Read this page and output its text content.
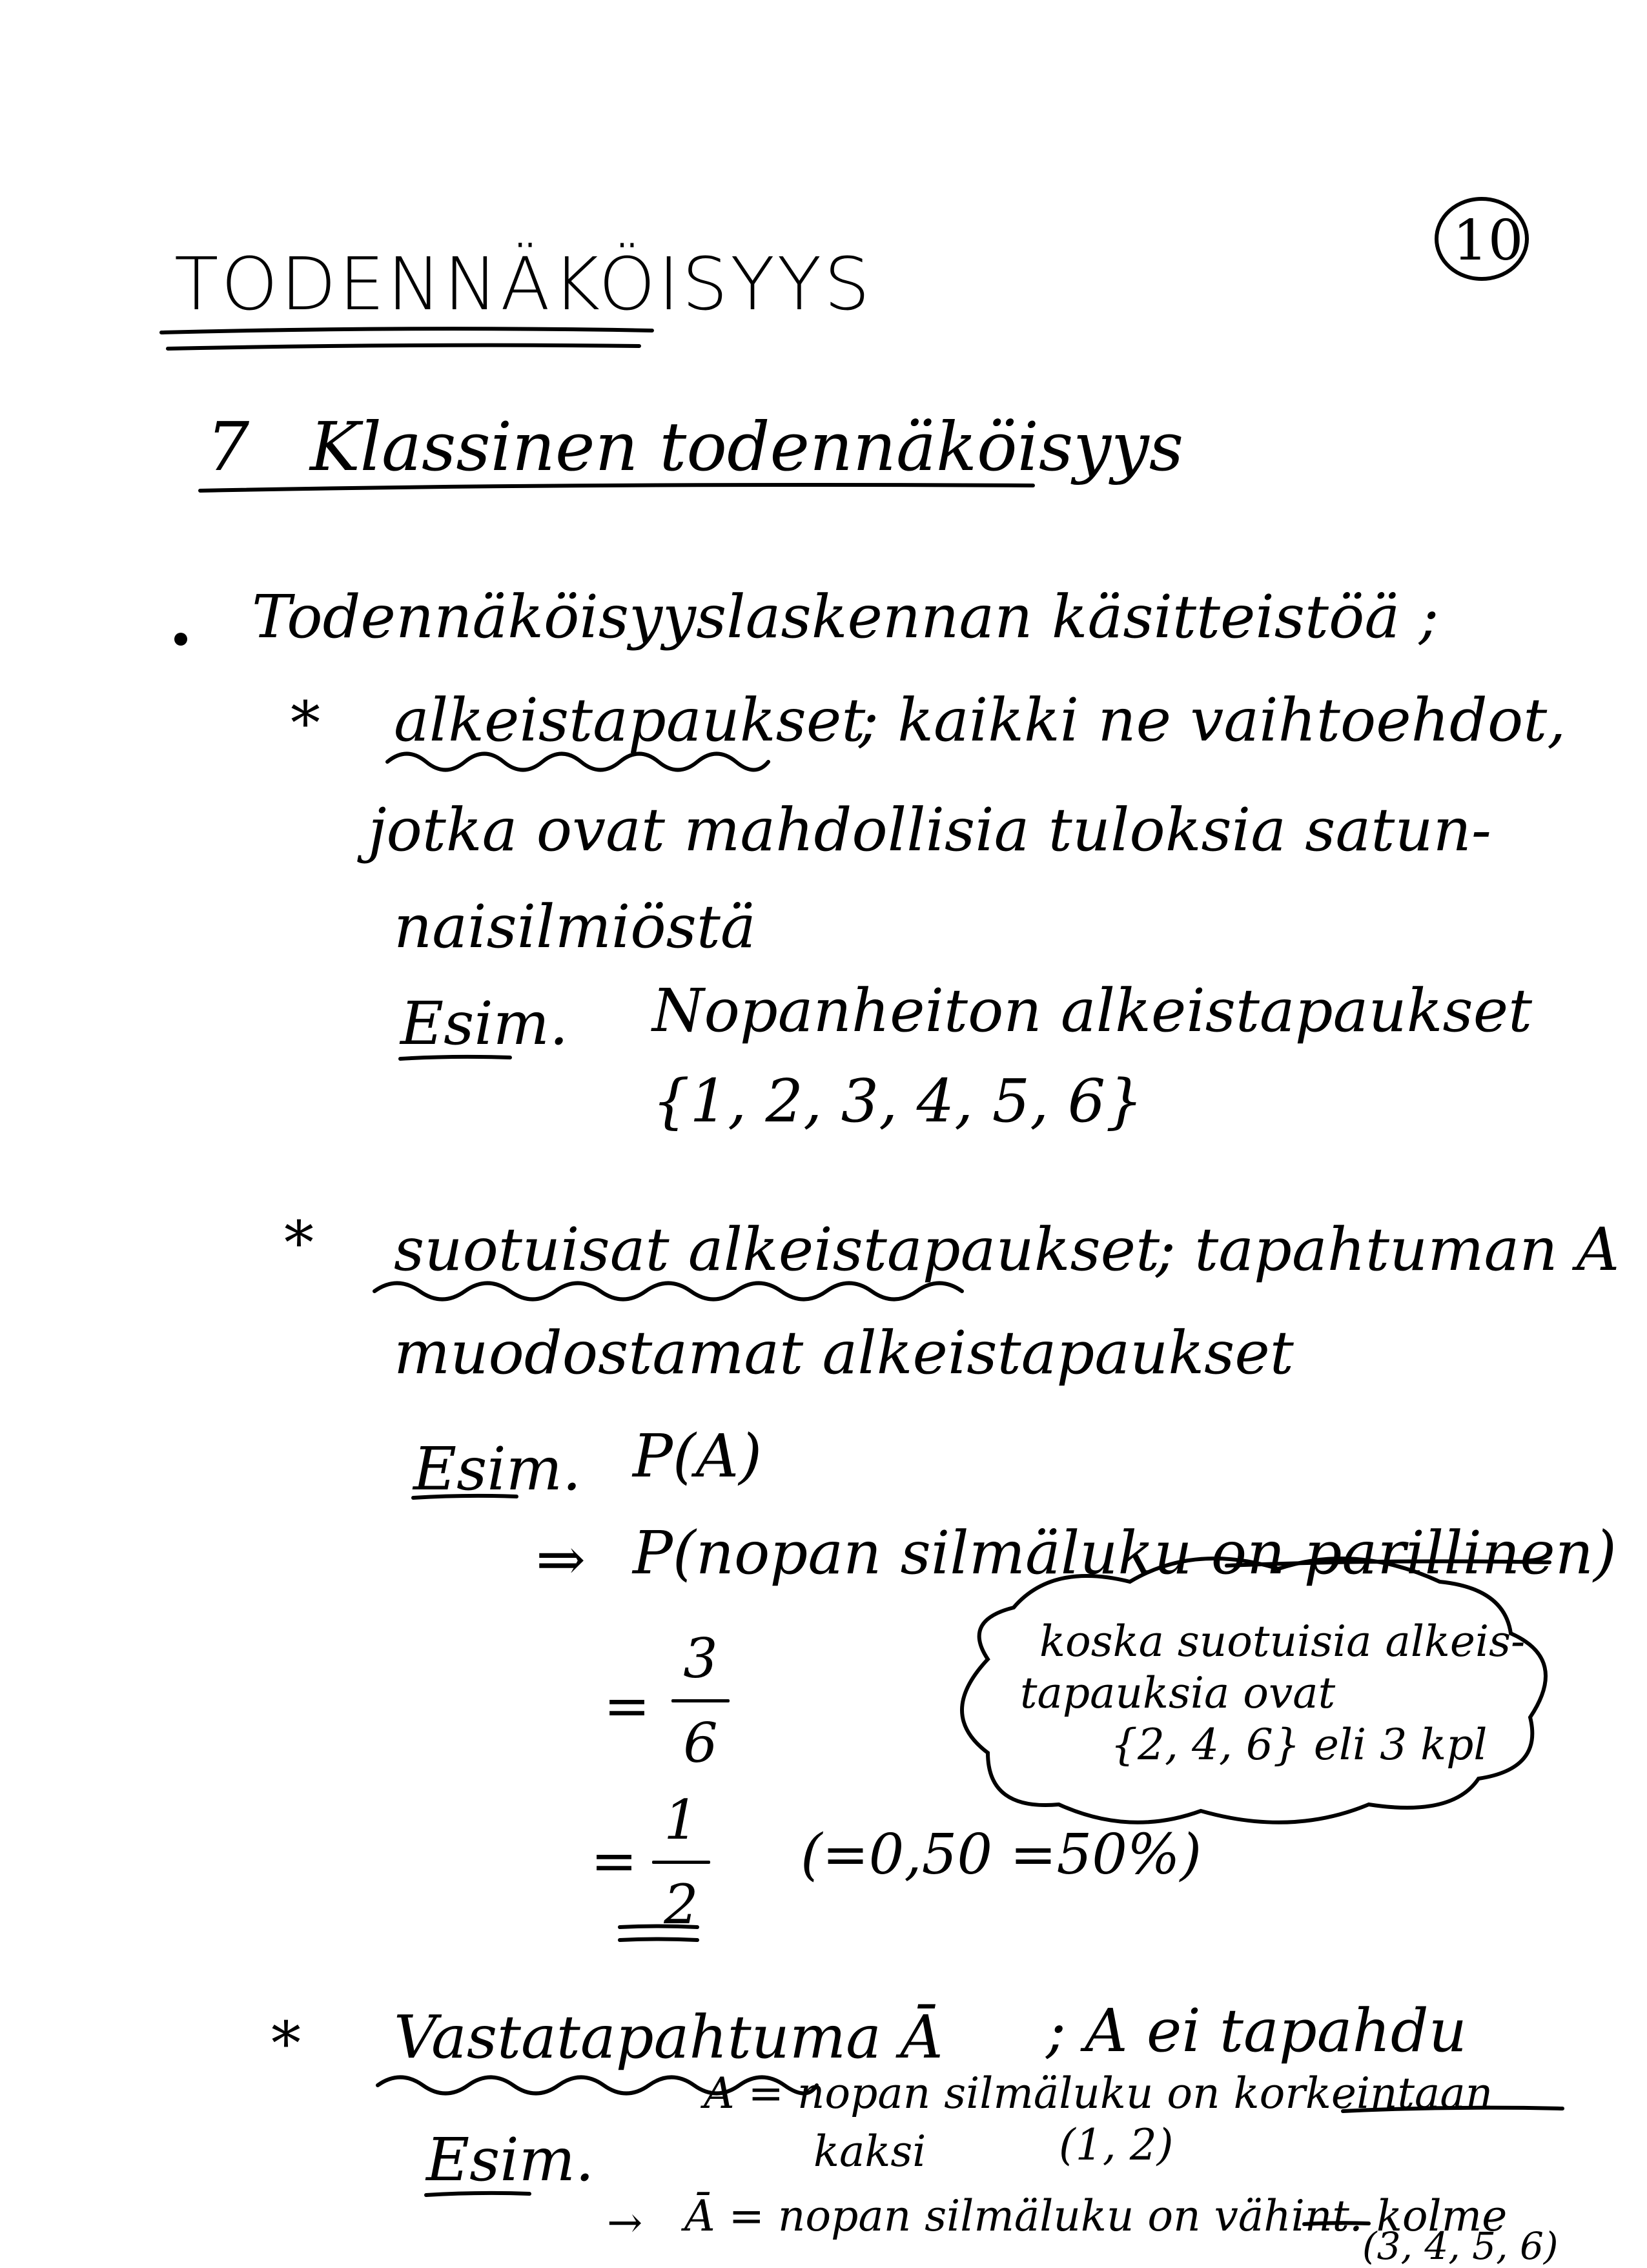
10
TODENNÄKÖISYYS
7 Klassinen todennäköisyys
Todennäköisyyslaskennan käsitteistöä ;
* alkeistapaukset
; kaikki ne vaihtoehdot,
jotka ovat mahdollisia tuloksia satun-
naisilmiöstä
Esim. Nopanheiton alkeistapaukset
{1, 2, 3, 4, 5, 6}
* suotuisat alkeistapaukset
; tapahtuman A
muodostamat alkeistapaukset
Esim. P(A)
⇒ P(nopan silmäluku on parillinen)
=
3
6
koska suotuisia alkeis-
tapauksia ovat
{2, 4, 6} eli 3 kpl
=
1
2
(=0,50 =50%)
* Vastatapahtuma Ā ; A ei tapahdu
Esim.
A = nopan silmäluku on korkeintaan
kaksi	(1, 2)
→ Ā = nopan silmäluku on vähint. kolme
(3, 4, 5, 6)
